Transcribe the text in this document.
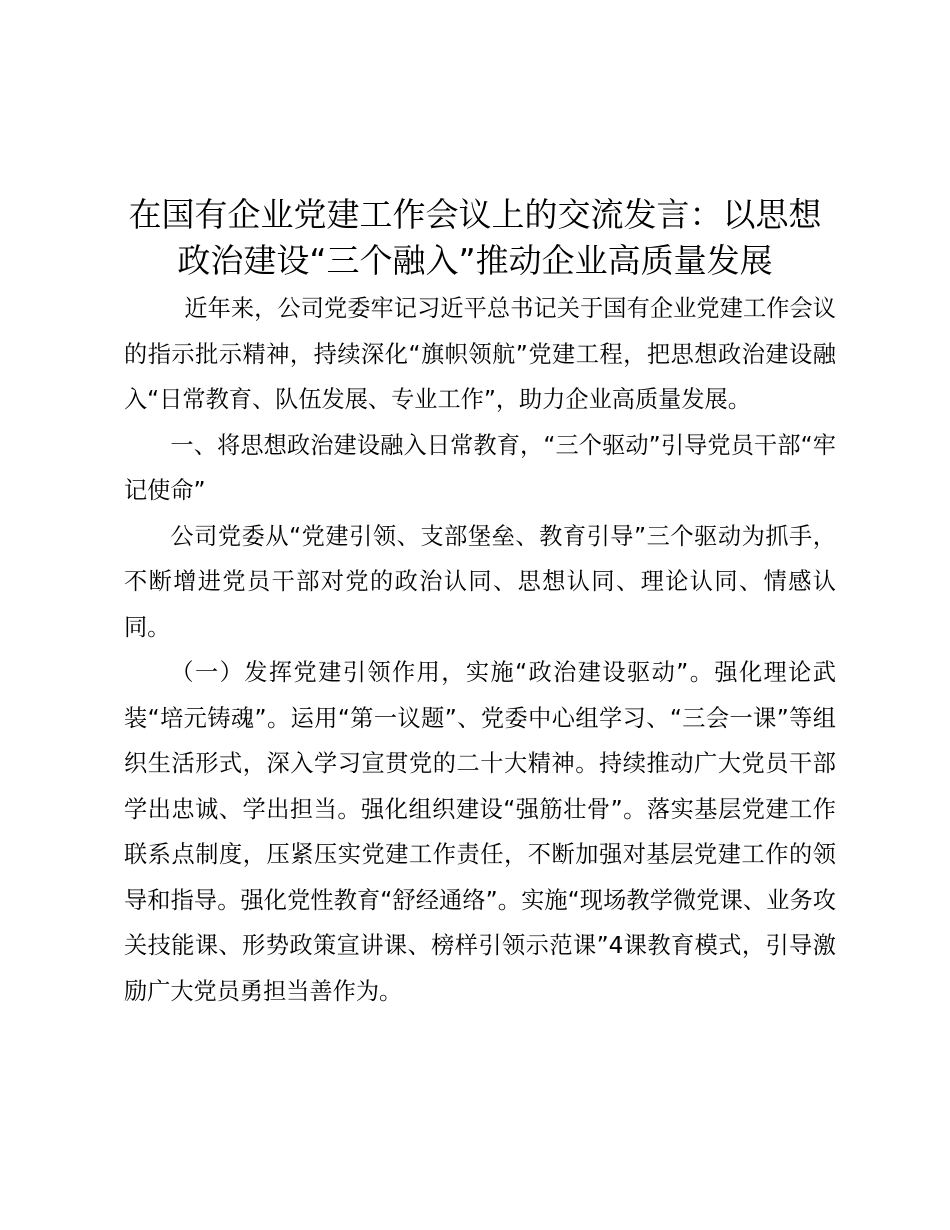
在国有企业党建工作会议上的交流发言：以思想政治建设“三个融入”推动企业高质量发展

近年来，公司党委牢记习近平总书记关于国有企业党建工作会议的指示批示精神，持续深化“旗帜领航”党建工程，把思想政治建设融入“日常教育、队伍发展、专业工作”，助力企业高质量发展。

一、将思想政治建设融入日常教育，“三个驱动”引导党员干部“牢记使命”

公司党委从“党建引领、支部堡垒、教育引导”三个驱动为抓手，不断增进党员干部对党的政治认同、思想认同、理论认同、情感认同。

（一）发挥党建引领作用，实施“政治建设驱动”。强化理论武装“培元铸魂”。运用“第一议题”、党委中心组学习、“三会一课”等组织生活形式，深入学习宣贯党的二十大精神。持续推动广大党员干部学出忠诚、学出担当。强化组织建设“强筋壮骨”。落实基层党建工作联系点制度，压紧压实党建工作责任，不断加强对基层党建工作的领导和指导。强化党性教育“舒经通络”。实施“现场教学微党课、业务攻关技能课、形势政策宣讲课、榜样引领示范课”4课教育模式，引导激励广大党员勇担当善作为。
